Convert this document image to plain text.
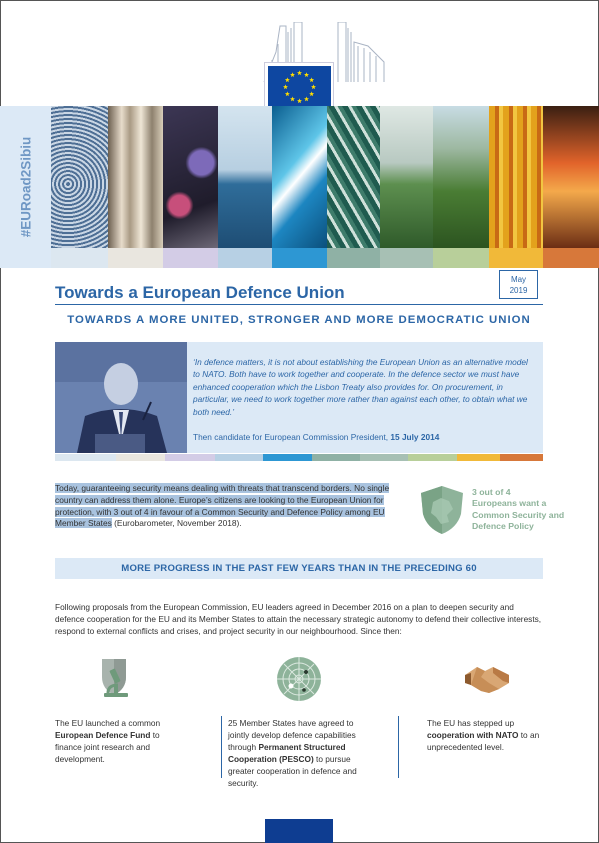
#EURoad2Sibiu
Towards a European Defence Union
May
2019
TOWARDS A MORE UNITED, STRONGER AND MORE DEMOCRATIC UNION

‘In defence matters, it is not about establishing the European Union as an alternative model to NATO. Both have to work together and cooperate. In the defence sector we must have enhanced cooperation which the Lisbon Treaty also provides for. On procurement, in particular, we need to work together more rather than against each other, to obtain what we both need.’

Then candidate for European Commission President, 15 July 2014

Today, guaranteeing security means dealing with threats that transcend borders. No single country can address them alone. Europe’s citizens are looking to the European Union for protection, with 3 out of 4 in favour of a Common Security and Defence Policy among EU Member States (Eurobarometer, November 2018).

3 out of 4
Europeans want a Common Security and Defence Policy
MORE PROGRESS IN THE PAST FEW YEARS THAN IN THE PRECEDING 60

Following proposals from the European Commission, EU leaders agreed in December 2016 on a plan to deepen security and defence cooperation for the EU and its Member States to attain the necessary strategic autonomy to defend their collective interests, respond to external conflicts and crises, and project security in our neighbourhood. Since then:

The EU launched a common European Defence Fund to finance joint research and development.
25 Member States have agreed to jointly develop defence capabilities through Permanent Structured Cooperation (PESCO) to pursue greater cooperation in defence and security.
The EU has stepped up cooperation with NATO to an unprecedented level.
